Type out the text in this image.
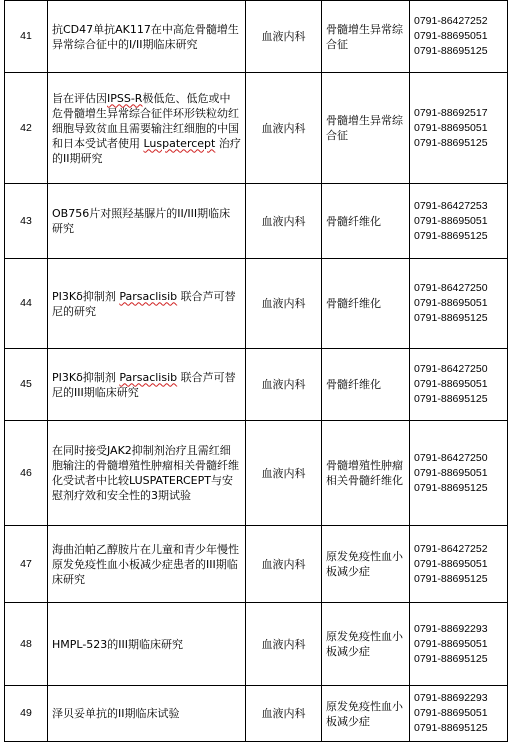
41	抗CD47单抗AK117在中高危骨髓增生异常综合征中的I/II期临床研究	血液内科	骨髓增生异常综合征	0791-86427252
0791-88695051
0791-88695125

42	旨在评估因IPSS-R极低危、低危或中危骨髓增生异常综合征伴环形铁粒幼红细胞导致贫血且需要输注红细胞的中国和日本受试者使用 Luspatercept 治疗的II期研究	血液内科	骨髓增生异常综合征	0791-88692517
0791-88695051
0791-88695125

43	OB756片对照羟基脲片的II/III期临床研究	血液内科	骨髓纤维化	0791-86427253
0791-88695051
0791-88695125

44	PI3Kδ抑制剂 Parsaclisib 联合芦可替尼的研究	血液内科	骨髓纤维化	0791-86427250
0791-88695051
0791-88695125

45	PI3Kδ抑制剂 Parsaclisib 联合芦可替尼的III期临床研究	血液内科	骨髓纤维化	0791-86427250
0791-88695051
0791-88695125

46	在同时接受JAK2抑制剂治疗且需红细胞输注的骨髓增殖性肿瘤相关骨髓纤维化受试者中比较LUSPATERCEPT与安慰剂疗效和安全性的3期试验	血液内科	骨髓增殖性肿瘤相关骨髓纤维化	0791-86427250
0791-88695051
0791-88695125

47	海曲泊帕乙醇胺片在儿童和青少年慢性原发免疫性血小板减少症患者的III期临床研究	血液内科	原发免疫性血小板减少症	0791-86427252
0791-88695051
0791-88695125

48	HMPL-523的III期临床研究	血液内科	原发免疫性血小板减少症	0791-88692293
0791-88695051
0791-88695125

49	泽贝妥单抗的II期临床试验	血液内科	原发免疫性血小板减少症	0791-88692293
0791-88695051
0791-88695125
